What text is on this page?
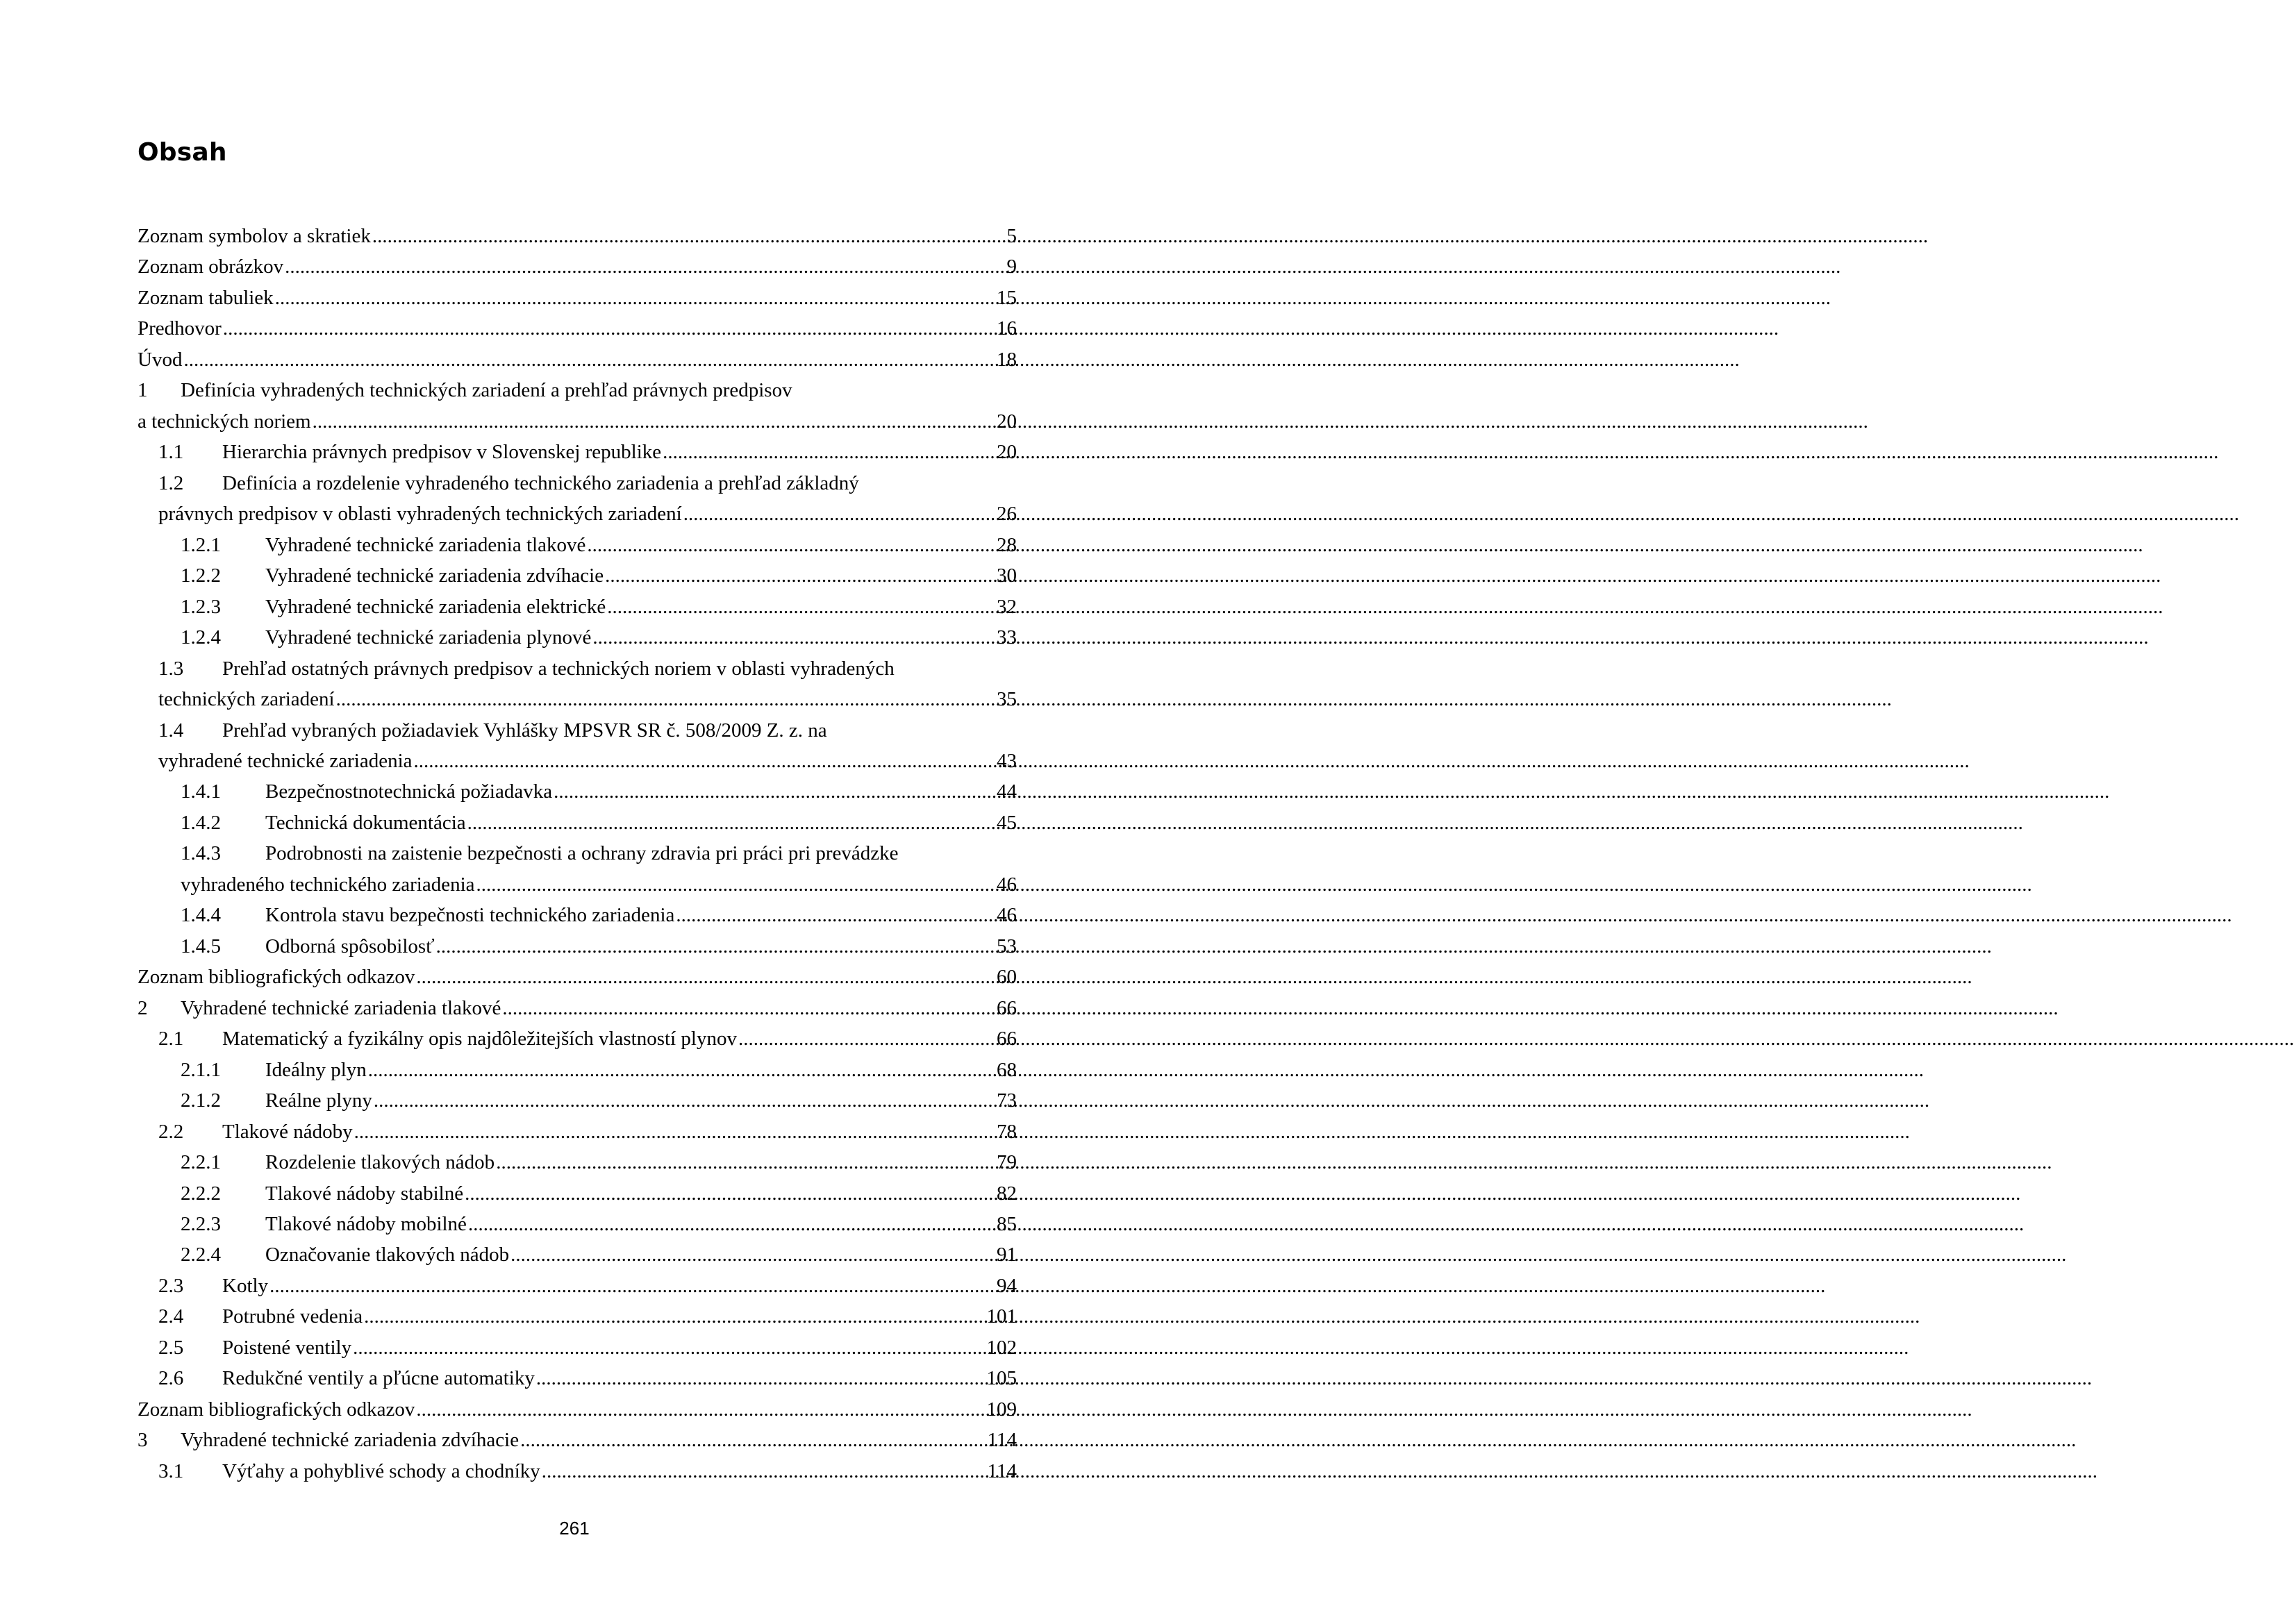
Obsah
Zoznam symbolov a skratiek .....	5
Zoznam obrázkov .....	9
Zoznam tabuliek .....	15
Predhovor .....	16
Úvod .....	18
1	Definícia vyhradených technických zariadení a prehľad právnych predpisov
a technických noriem .....	20
1.1	Hierarchia právnych predpisov v Slovenskej republike .....	20
1.2	Definícia a rozdelenie vyhradeného technického zariadenia a prehľad základný
právnych predpisov v oblasti vyhradených technických zariadení .....	26
1.2.1	Vyhradené technické zariadenia tlakové .....	28
1.2.2	Vyhradené technické zariadenia zdvíhacie .....	30
1.2.3	Vyhradené technické zariadenia elektrické .....	32
1.2.4	Vyhradené technické zariadenia plynové .....	33
1.3	Prehľad ostatných právnych predpisov a technických noriem v oblasti vyhradených
technických zariadení .....	35
1.4	Prehľad vybraných požiadaviek Vyhlášky MPSVR SR č. 508/2009 Z. z. na
vyhradené technické zariadenia .....	43
1.4.1	Bezpečnostnotechnická požiadavka .....	44
1.4.2	Technická dokumentácia .....	45
1.4.3	Podrobnosti na zaistenie bezpečnosti a ochrany zdravia pri práci pri prevádzke
vyhradeného technického zariadenia .....	46
1.4.4	Kontrola stavu bezpečnosti technického zariadenia .....	46
1.4.5	Odborná spôsobilosť .....	53
Zoznam bibliografických odkazov .....	60
2	Vyhradené technické zariadenia tlakové .....	66
2.1	Matematický a fyzikálny opis najdôležitejších vlastností plynov .....	66
2.1.1	Ideálny plyn .....	68
2.1.2	Reálne plyny .....	73
2.2	Tlakové nádoby .....	78
2.2.1	Rozdelenie tlakových nádob .....	79
2.2.2	Tlakové nádoby stabilné .....	82
2.2.3	Tlakové nádoby mobilné .....	85
2.2.4	Označovanie tlakových nádob .....	91
2.3	Kotly .....	94
2.4	Potrubné vedenia .....	101
2.5	Poistené ventily .....	102
2.6	Redukčné ventily a pľúcne automatiky .....	105
Zoznam bibliografických odkazov .....	109
3	Vyhradené technické zariadenia zdvíhacie .....	114
3.1	Výťahy a pohyblivé schody a chodníky .....	114
261
